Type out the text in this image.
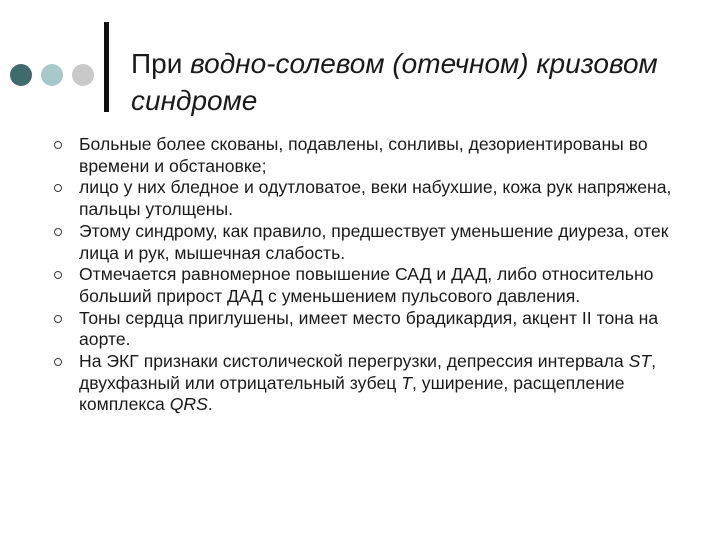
При водно-солевом (отечном) кризовом синдроме
Больные более скованы, подавлены, сонливы, дезориентированы во времени и обстановке;
лицо у них бледное и одутловатое, веки набухшие, кожа рук напряжена, пальцы утолщены.
Этому синдрому, как правило, предшествует уменьшение диуреза, отек лица и рук, мышечная слабость.
Отмечается равномерное повышение САД и ДАД, либо относительно больший прирост ДАД с уменьшением пульсового давления.
Тоны сердца приглушены, имеет место брадикардия, акцент II тона на аорте.
На ЭКГ признаки систолической перегрузки, депрессия интервала ST, двухфазный или отрицательный зубец T, уширение, расщепление комплекса QRS.
